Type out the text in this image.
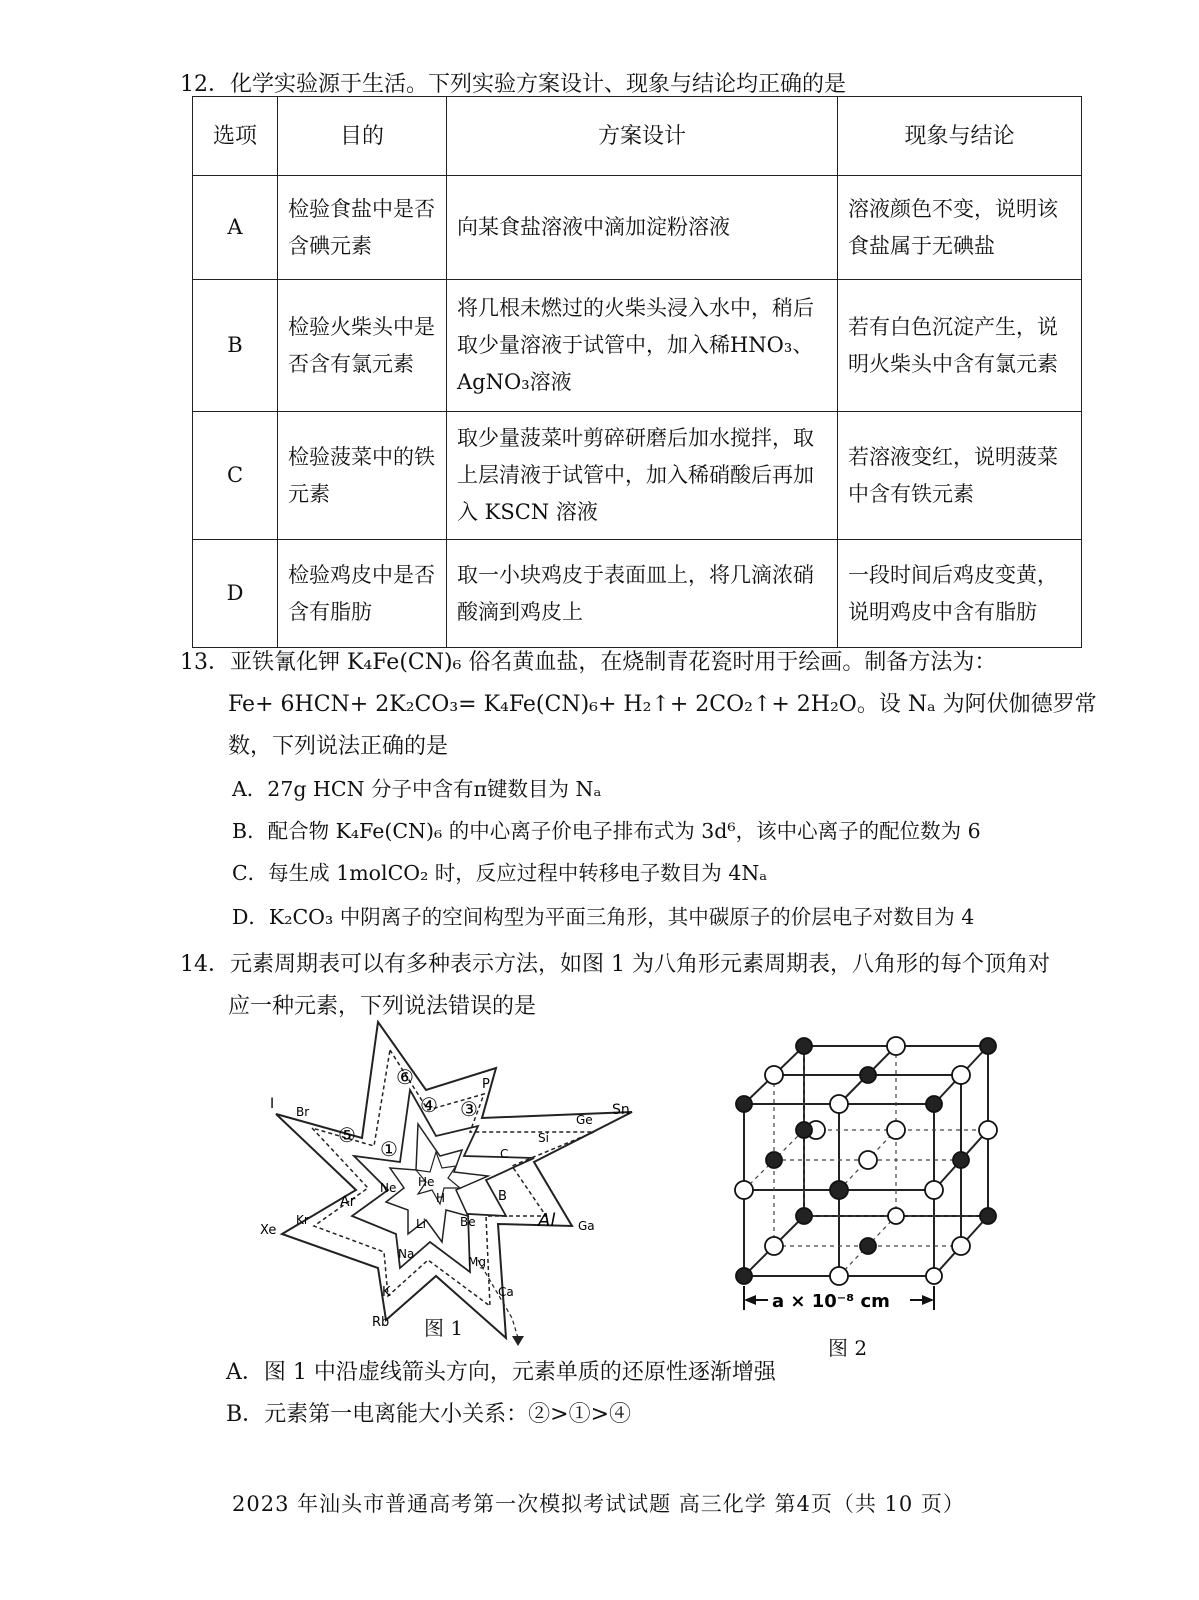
12．化学实验源于生活。下列实验方案设计、现象与结论均正确的是
选项	目的	方案设计	现象与结论
A	检验食盐中是否含碘元素	向某食盐溶液中滴加淀粉溶液	溶液颜色不变，说明该食盐属于无碘盐
B	检验火柴头中是否含有氯元素	将几根未燃过的火柴头浸入水中，稍后取少量溶液于试管中，加入稀HNO₃、AgNO₃溶液	若有白色沉淀产生，说明火柴头中含有氯元素
C	检验菠菜中的铁元素	取少量菠菜叶剪碎研磨后加水搅拌，取上层清液于试管中，加入稀硝酸后再加入 KSCN 溶液	若溶液变红，说明菠菜中含有铁元素
D	检验鸡皮中是否含有脂肪	取一小块鸡皮于表面皿上，将几滴浓硝酸滴到鸡皮上	一段时间后鸡皮变黄，说明鸡皮中含有脂肪
13．亚铁氰化钾 K₄Fe(CN)₆ 俗名黄血盐，在烧制青花瓷时用于绘画。制备方法为：
Fe+ 6HCN+ 2K₂CO₃= K₄Fe(CN)₆+ H₂↑+ 2CO₂↑+ 2H₂O。设 Nₐ 为阿伏伽德罗常
数，下列说法正确的是
A．27g HCN 分子中含有π键数目为 Nₐ
B．配合物 K₄Fe(CN)₆ 的中心离子价电子排布式为 3d⁶，该中心离子的配位数为 6
C．每生成 1molCO₂ 时，反应过程中转移电子数目为 4Nₐ
D．K₂CO₃ 中阴离子的空间构型为平面三角形，其中碳原子的价层电子对数目为 4
14．元素周期表可以有多种表示方法，如图 1 为八角形元素周期表，八角形的每个顶角对
应一种元素，下列说法错误的是
I Br
P
Sn
Ge
Si
C
B
Ga
Al
He
H
Ne
Li	Be
Ar
Kr
Xe
Na
Mg
K	Ca
Rb
⑥
④ ③
⑤
①
图 1
a × 10⁻⁸ cm
图 2
A．图 1 中沿虚线箭头方向，元素单质的还原性逐渐增强
B．元素第一电离能大小关系：②>①>④
2023 年汕头市普通高考第一次模拟考试试题 高三化学 第4页（共 10 页）
